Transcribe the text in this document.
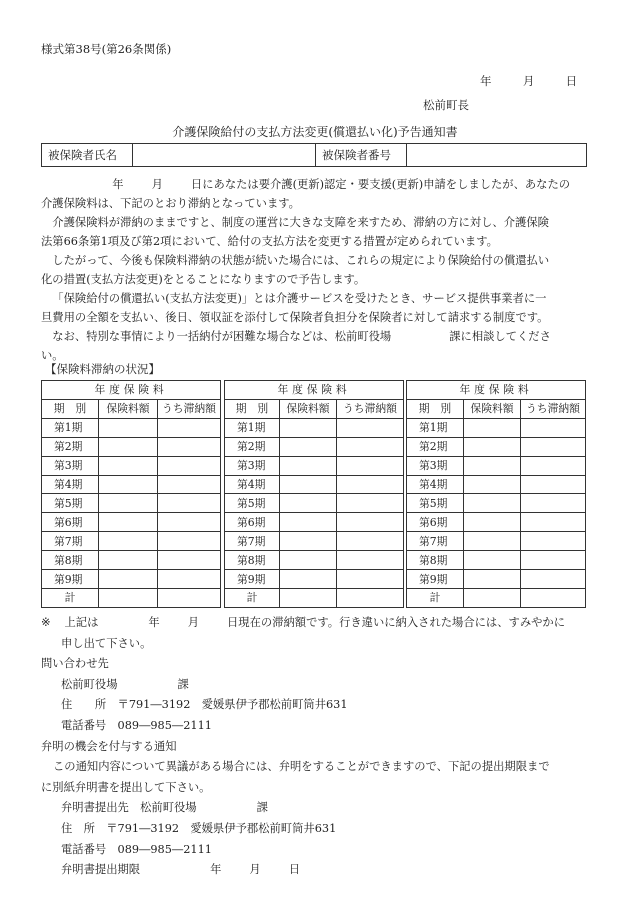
様式第38号(第26条関係)
年	月	日
松前町長
介護保険給付の支払方法変更(償還払い化)予告通知書
被保険者氏名		被保険者番号	

年 月 日にあなたは要介護(更新)認定・要支援(更新)申請をしましたが、あなたの

介護保険料は、下記のとおり滞納となっています。

介護保険料が滞納のままですと、制度の運営に大きな支障を来すため、滞納の方に対し、介護保険

法第66条第1項及び第2項において、給付の支払方法を変更する措置が定められています。

したがって、今後も保険料滞納の状態が続いた場合には、これらの規定により保険給付の償還払い

化の措置(支払方法変更)をとることになりますので予告します。

「保険給付の償還払い(支払方法変更)」とは介護サービスを受けたとき、サービス提供事業者に一

旦費用の全額を支払い、後日、領収証を添付して保険者負担分を保険者に対して請求する制度です。

なお、特別な事情により一括納付が困難な場合などは、松前町役場	課に相談してくださ

い。

【保険料滞納の状況】
年度保険料		
期　別	保険料額	うち滞納額
第1期		
第2期		
第3期		
第4期		
第5期		
第6期		
第7期		
第8期		
第9期		
計		
年度保険料		
期　別	保険料額	うち滞納額
第1期		
第2期		
第3期		
第4期		
第5期		
第6期		
第7期		
第8期		
第9期		
計		
年度保険料		
期　別	保険料額	うち滞納額
第1期		
第2期		
第3期		
第4期		
第5期		
第6期		
第7期		
第8期		
第9期		
計		
※ 上記は	年 月 日現在の滞納額です。行き違いに納入された場合には、すみやかに
申し出て下さい。
問い合わせ先
松前町役場	課
住　　所　 〒791―3192　愛媛県伊予郡松前町筒井631
電話番号　 089―985―2111
弁明の機会を付与する通知
この通知内容について異議がある場合には、弁明をすることができますので、下記の提出期限まで
に別紙弁明書を提出して下さい。
弁明書提出先　 松前町役場	課
住　所　 〒791―3192　愛媛県伊予郡松前町筒井631
電話番号　 089―985―2111
弁明書提出期限	年 月 日
